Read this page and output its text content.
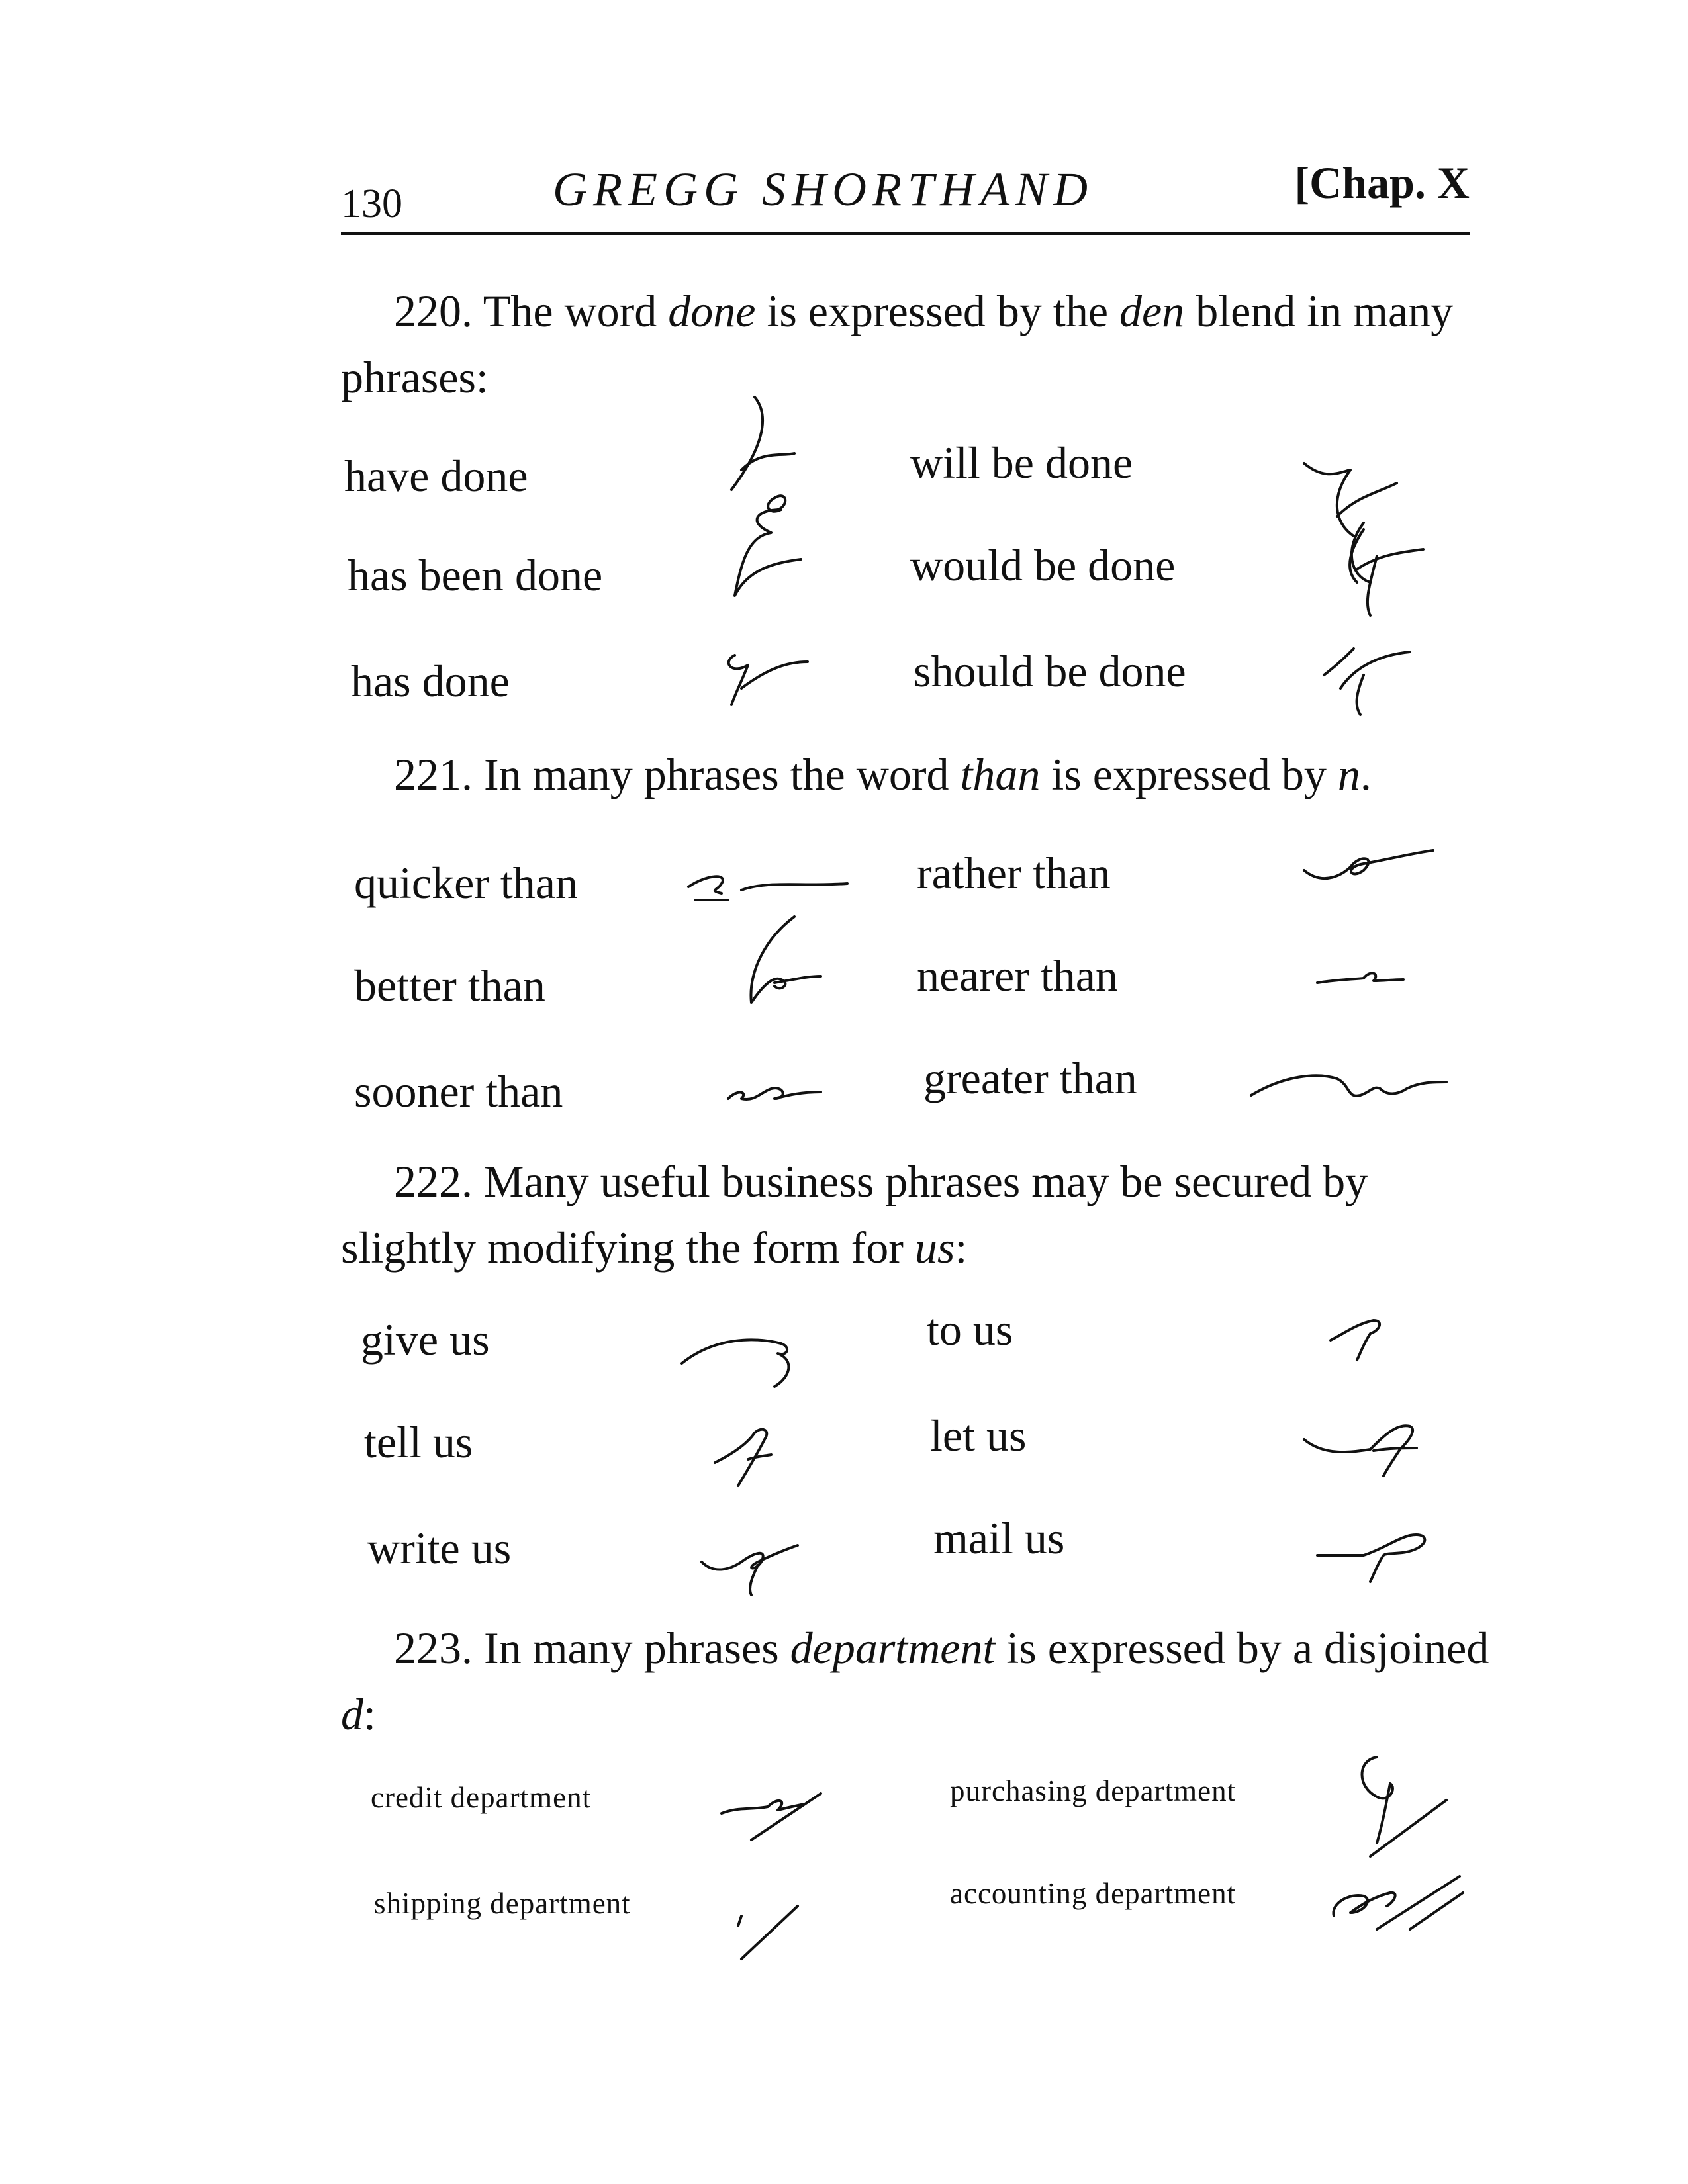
130	GREGG SHORTHAND	[Chap. X
220. The word done is expressed by the den blend in many phrases:
have done
has been done
has done
will be done
would be done
should be done
221. In many phrases the word than is expressed by n.
quicker than
better than
sooner than
rather than
nearer than
greater than
222. Many useful business phrases may be secured by slightly modifying the form for us:
give us
tell us
write us
to us
let us
mail us
223. In many phrases department is expressed by a disjoined d:
credit department
shipping department
purchasing department
accounting department
